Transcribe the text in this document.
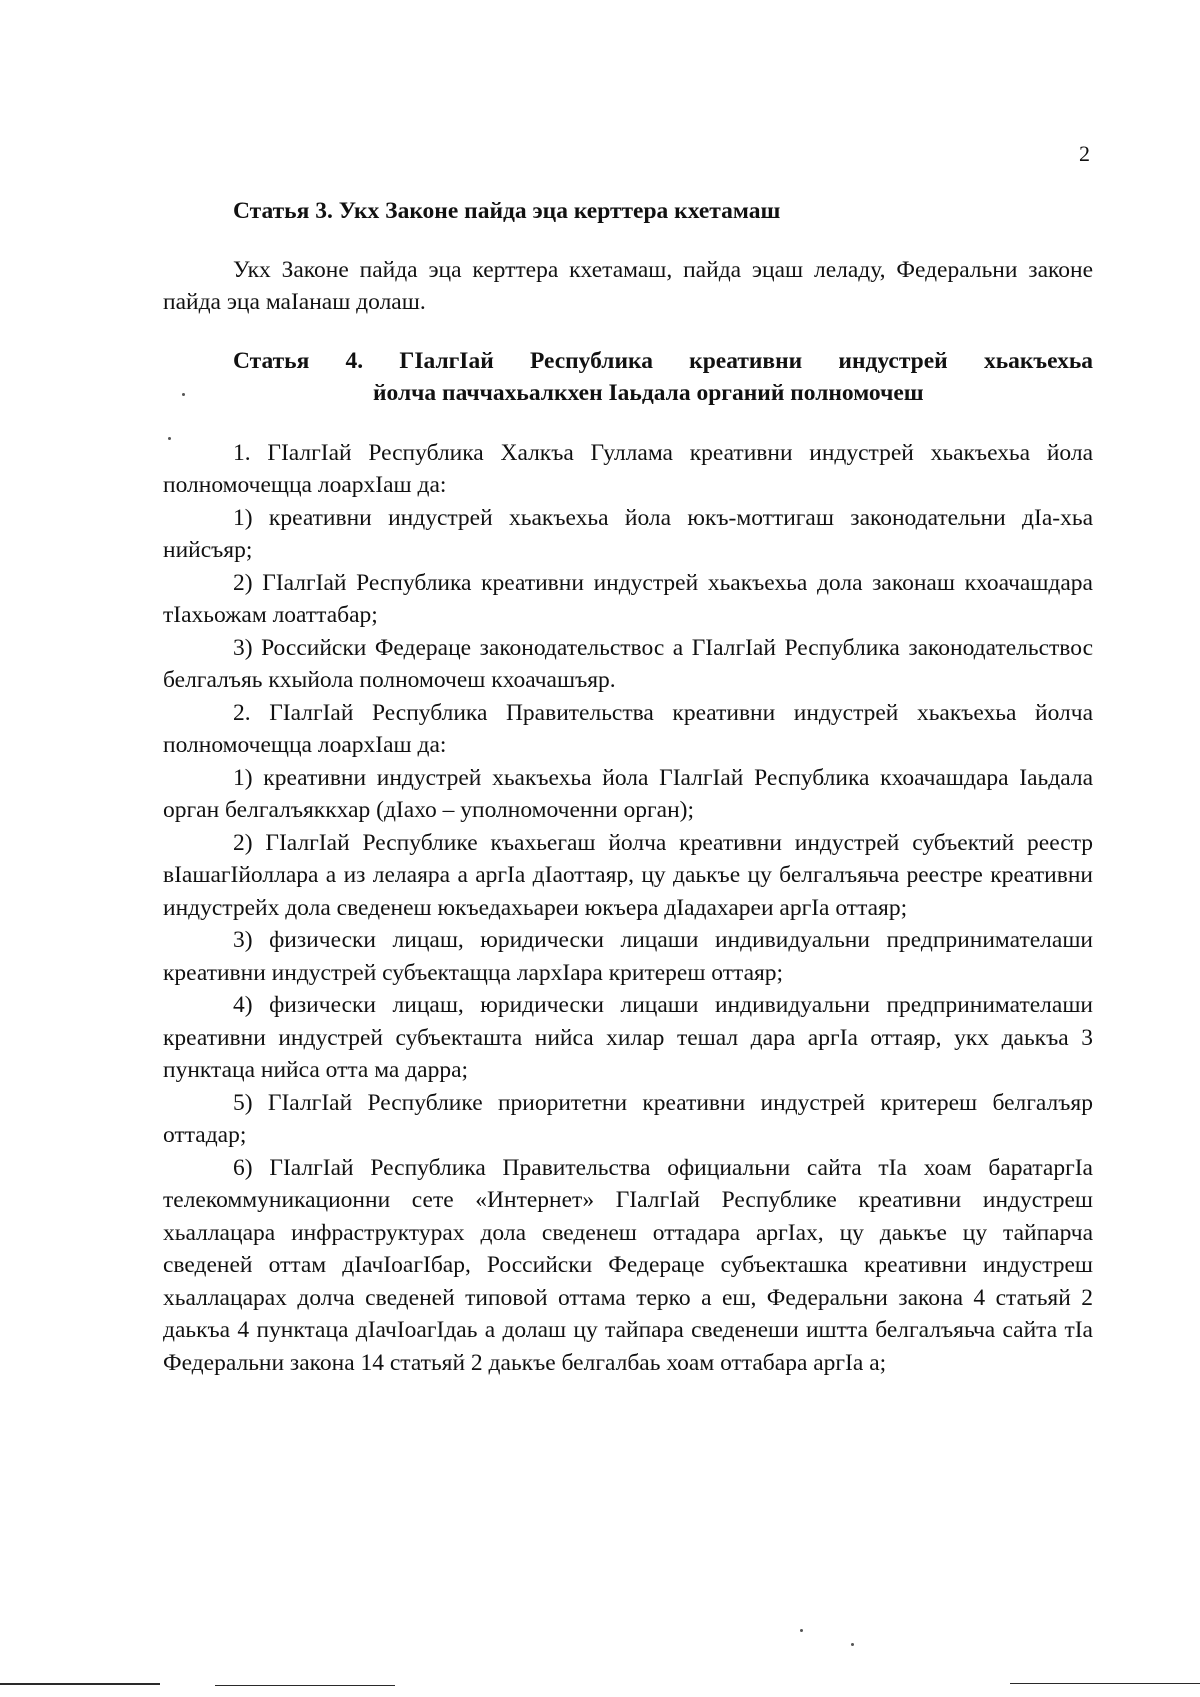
2
Статья 3. Укх Законе пайда эца керттера кхетамаш

Укх Законе пайда эца керттера кхетамаш, пайда эцаш леладу, Федеральни законе пайда эца маӀанаш долаш.

Статья 4. ГӀалгӀай Республика креативни индустрей хьакъехьа
йолча паччахьалкхен Ӏаьдала органий полномочеш

1. ГӀалгӀай Республика Халкъа Гуллама креативни индустрей хьакъехьа йола полномочещца лоархӀаш да:

1) креативни индустрей хьакъехьа йола юкъ-моттигаш законодательни дӀа-хьа нийсъяр;

2) ГӀалгӀай Республика креативни индустрей хьакъехьа дола законаш кхоачашдара тӀахьожам лоаттабар;

3) Российски Федераце законодательствос а ГӀалгӀай Республика законодательствос белгалъяь кхыйола полномочеш кхоачашъяр.

2. ГӀалгӀай Республика Правительства креативни индустрей хьакъехьа йолча полномочещца лоархӀаш да:

1) креативни индустрей хьакъехьа йола ГӀалгӀай Республика кхоачашдара Ӏаьдала орган белгалъяккхар (дӀахо – уполномоченни орган);

2) ГӀалгӀай Республике къахьегаш йолча креативни индустрей субъектий реестр вӀашагӀйоллара а из лелаяра а аргӀа дӀаоттаяр, цу даькъе цу белгалъяьча реестре креативни индустрейх дола сведенеш юкъедахьареи юкъера дӀадахареи аргӀа оттаяр;

3) физически лицаш, юридически лицаши индивидуальни предпринимателаши креативни индустрей субъектащца лархӀара критереш оттаяр;

4) физически лицаш, юридически лицаши индивидуальни предпринимателаши креативни индустрей субъекташта нийса хилар тешал дара аргӀа оттаяр, укх даькъа 3 пунктаца нийса отта ма дарра;

5) ГӀалгӀай Республике приоритетни креативни индустрей критереш белгалъяр оттадар;

6) ГӀалгӀай Республика Правительства официальни сайта тӀа хоам баратаргӀа телекоммуникационни сете «Интернет» ГӀалгӀай Республике креативни индустреш хьаллацара инфраструктурах дола сведенеш оттадара аргӀах, цу даькъе цу тайпарча сведеней оттам дӀачӀоагӀбар, Российски Федераце субъекташка креативни индустреш хьаллацарах долча сведеней типовой оттама терко а еш, Федеральни закона 4 статьяй 2 даькъа 4 пунктаца дӀачӀоагӀдаь а долаш цу тайпара сведенеши иштта белгалъяьча сайта тӀа Федеральни закона 14 статьяй 2 даькъе белгалбаь хоам оттабара аргӀа а;
